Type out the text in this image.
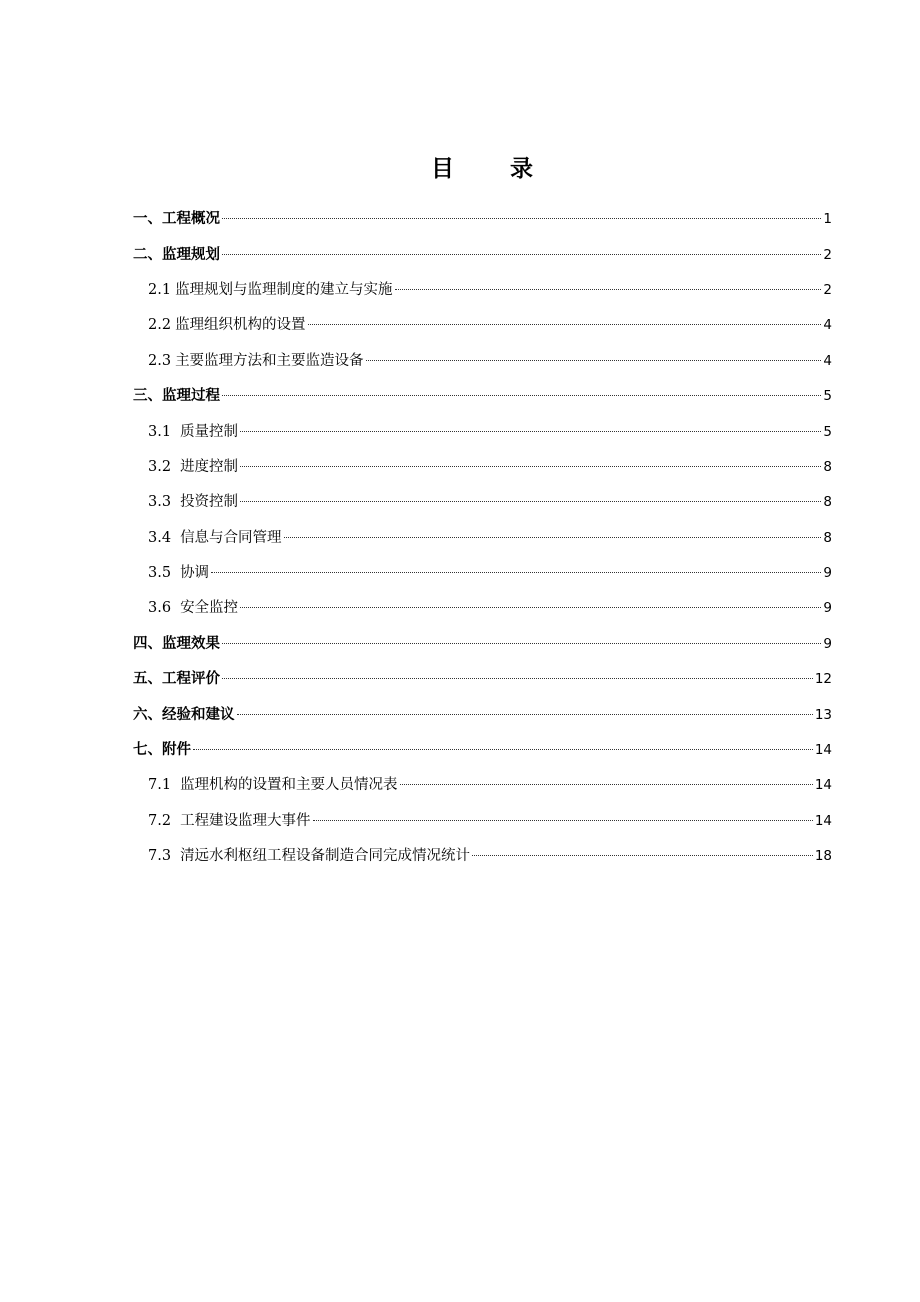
目 录
一、工程概况	1
二、监理规划	2
2.1 监理规划与监理制度的建立与实施	2
2.2 监理组织机构的设置	4
2.3 主要监理方法和主要监造设备	4
三、监理过程	5
3.1 质量控制	5
3.2 进度控制	8
3.3 投资控制	8
3.4 信息与合同管理	8
3.5 协调	9
3.6 安全监控	9
四、监理效果	9
五、工程评价	12
六、经验和建议	13
七、附件	14
7.1 监理机构的设置和主要人员情况表	14
7.2 工程建设监理大事件	14
7.3 清远水利枢纽工程设备制造合同完成情况统计	18
